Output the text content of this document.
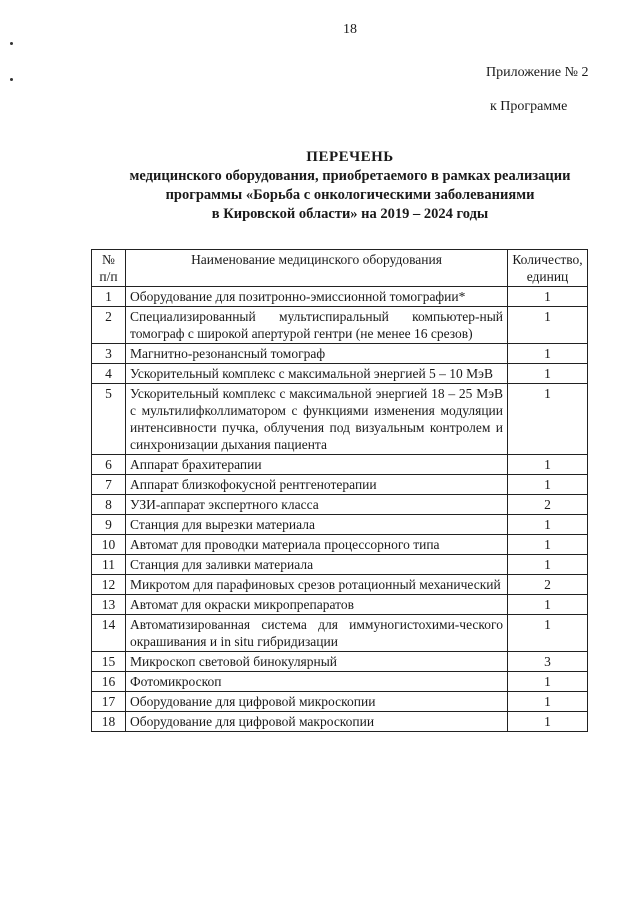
18
Приложение № 2
к Программе
ПЕРЕЧЕНЬ
медицинского оборудования, приобретаемого в рамках реализации
программы «Борьба с онкологическими заболеваниями
в Кировской области» на 2019 – 2024 годы
№ п/п	Наименование медицинского оборудования	Количество, единиц
1	Оборудование для позитронно-эмиссионной томографии*	1
2	Специализированный мультиспиральный компьютер-ный томограф с широкой апертурой гентри (не менее 16 срезов)	1
3	Магнитно-резонансный томограф	1
4	Ускорительный комплекс с максимальной энергией 5 – 10 МэВ	1
5	Ускорительный комплекс с максимальной энергией 18 – 25 МэВ с мультилифколлиматором с функциями изменения модуляции интенсивности пучка, облучения под визуальным контролем и синхронизации дыхания пациента	1
6	Аппарат брахитерапии	1
7	Аппарат близкофокусной рентгенотерапии	1
8	УЗИ-аппарат экспертного класса	2
9	Станция для вырезки материала	1
10	Автомат для проводки материала процессорного типа	1
11	Станция для заливки материала	1
12	Микротом для парафиновых срезов ротационный механический	2
13	Автомат для окраски микропрепаратов	1
14	Автоматизированная система для иммуногистохими-ческого окрашивания и in situ гибридизации	1
15	Микроскоп световой бинокулярный	3
16	Фотомикроскоп	1
17	Оборудование для цифровой микроскопии	1
18	Оборудование для цифровой макроскопии	1
